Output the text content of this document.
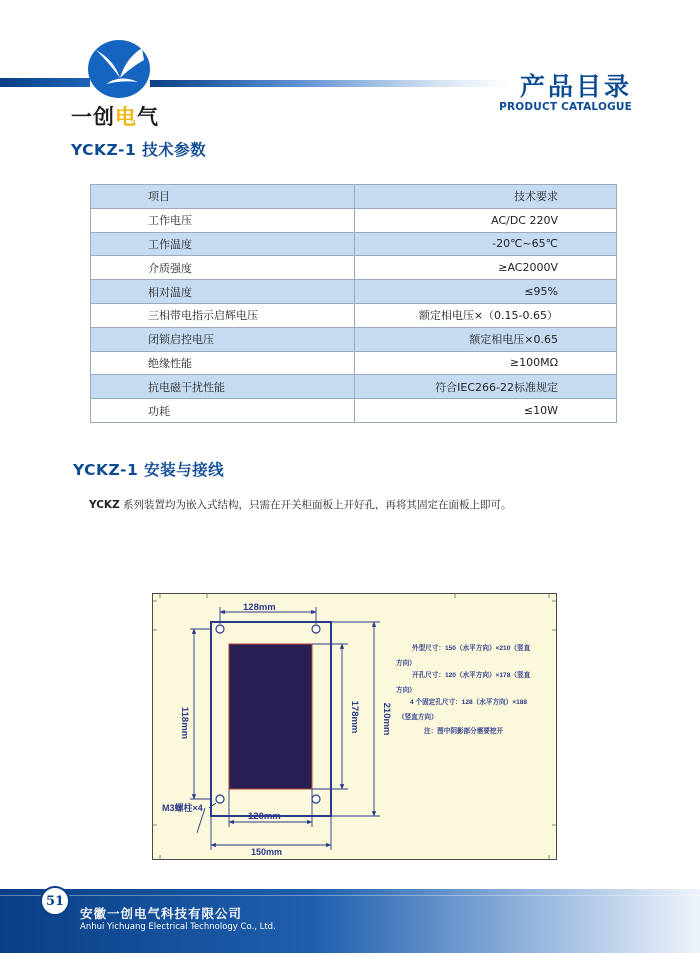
一创电气
产品目录
PRODUCT CATALOGUE
YCKZ-1 技术参数
项目	技术要求
工作电压	AC/DC 220V
工作温度	-20℃~65℃
介质强度	≥AC2000V
相对温度	≤95%
三相带电指示启辉电压	额定相电压×（0.15-0.65）
闭锁启控电压	额定相电压×0.65
绝缘性能	≥100MΩ
抗电磁干扰性能	符合IEC266-22标准规定
功耗	≤10W
YCKZ-1 安装与接线
YCKZ 系列装置均为嵌入式结构，只需在开关柜面板上开好孔，再将其固定在面板上即可。
128mm
118mm	178mm 210mm
120mm
150mm
M3螺柱×4
外型尺寸：150（水平方向）×210（竖直
方向）
开孔尺寸：120（水平方向）×178（竖直
方向）
4 个固定孔尺寸：128（水平方向）×188
（竖直方向）
注：图中阴影部分需要挖开
51
安徽一创电气科技有限公司
Anhui Yichuang Electrical Technology Co., Ltd.
